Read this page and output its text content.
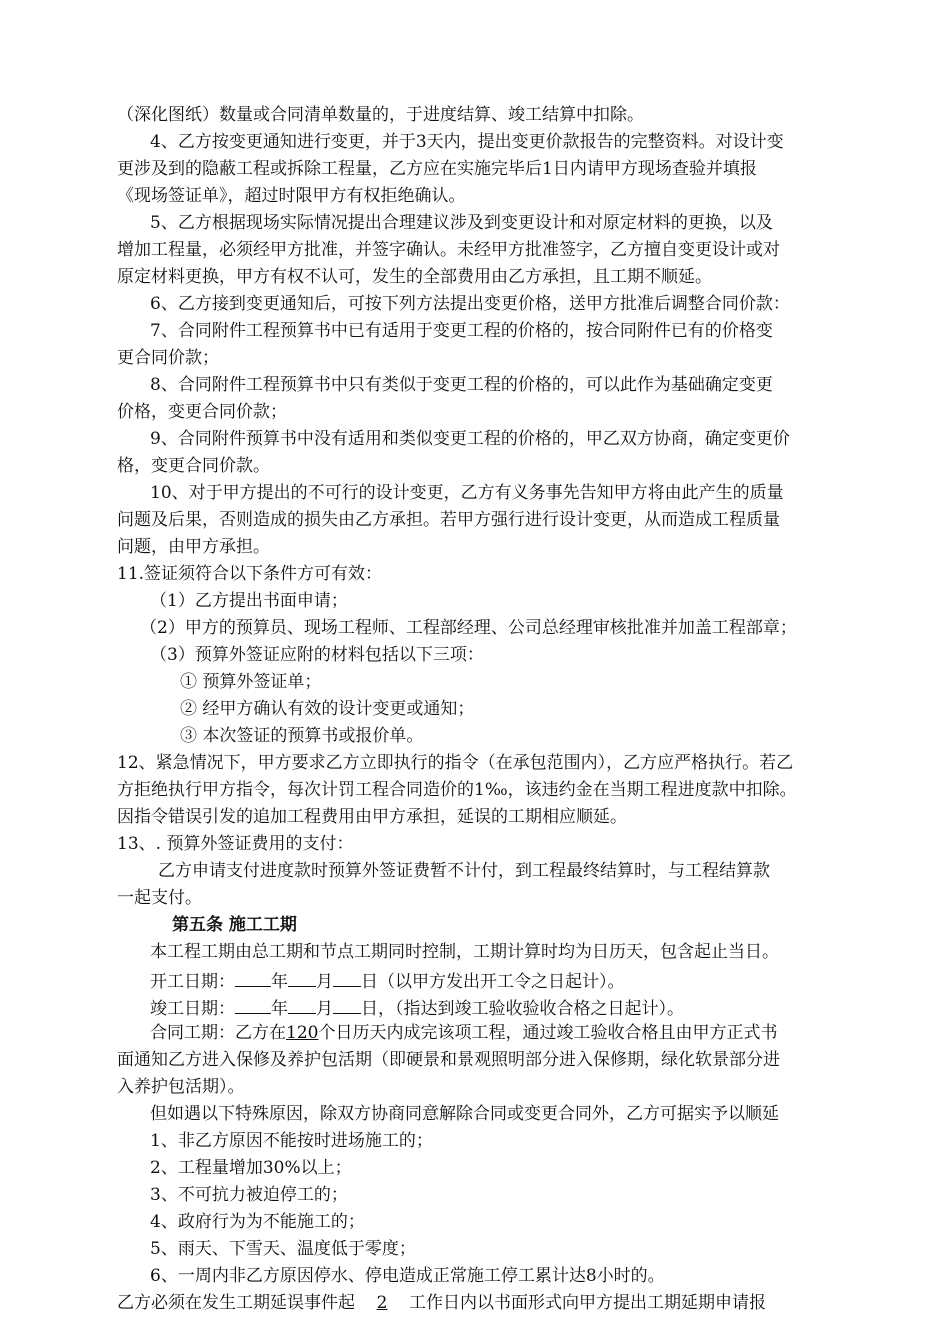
（深化图纸）数量或合同清单数量的，于进度结算、竣工结算中扣除。
4、乙方按变更通知进行变更，并于3天内，提出变更价款报告的完整资料。对设计变
更涉及到的隐蔽工程或拆除工程量，乙方应在实施完毕后1日内请甲方现场查验并填报
《现场签证单》，超过时限甲方有权拒绝确认。
5、乙方根据现场实际情况提出合理建议涉及到变更设计和对原定材料的更换，以及
增加工程量，必须经甲方批准，并签字确认。未经甲方批准签字，乙方擅自变更设计或对
原定材料更换，甲方有权不认可，发生的全部费用由乙方承担，且工期不顺延。
6、乙方接到变更通知后，可按下列方法提出变更价格，送甲方批准后调整合同价款：
7、合同附件工程预算书中已有适用于变更工程的价格的，按合同附件已有的价格变
更合同价款；
8、合同附件工程预算书中只有类似于变更工程的价格的，可以此作为基础确定变更
价格，变更合同价款；
9、合同附件预算书中没有适用和类似变更工程的价格的，甲乙双方协商，确定变更价
格，变更合同价款。
10、对于甲方提出的不可行的设计变更，乙方有义务事先告知甲方将由此产生的质量
问题及后果，否则造成的损失由乙方承担。若甲方强行进行设计变更，从而造成工程质量
问题，由甲方承担。
11.签证须符合以下条件方可有效：
（1）乙方提出书面申请；
（2）甲方的预算员、现场工程师、工程部经理、公司总经理审核批准并加盖工程部章；
（3）预算外签证应附的材料包括以下三项：
① 预算外签证单；
② 经甲方确认有效的设计变更或通知；
③ 本次签证的预算书或报价单。
12、紧急情况下，甲方要求乙方立即执行的指令（在承包范围内），乙方应严格执行。若乙
方拒绝执行甲方指令，每次计罚工程合同造价的1‰，该违约金在当期工程进度款中扣除。
因指令错误引发的追加工程费用由甲方承担，延误的工期相应顺延。
13、. 预算外签证费用的支付：
乙方申请支付进度款时预算外签证费暂不计付，到工程最终结算时，与工程结算款
一起支付。
第五条 施工工期
本工程工期由总工期和节点工期同时控制，工期计算时均为日历天，包含起止当日。
开工日期： 年 月 日（以甲方发出开工令之日起计）。
竣工日期： 年 月 日，（指达到竣工验收验收合格之日起计）。
合同工期：乙方在120个日历天内成完该项工程，通过竣工验收合格且由甲方正式书
面通知乙方进入保修及养护包活期（即硬景和景观照明部分进入保修期，绿化软景部分进
入养护包活期）。
但如遇以下特殊原因，除双方协商同意解除合同或变更合同外，乙方可据实予以顺延
1、非乙方原因不能按时进场施工的；
2、工程量增加30%以上；
3、不可抗力被迫停工的；
4、政府行为为不能施工的；
5、雨天、下雪天、温度低于零度；
6、一周内非乙方原因停水、停电造成正常施工停工累计达8小时的。
乙方必须在发生工期延误事件起 2 工作日内以书面形式向甲方提出工期延期申请报
